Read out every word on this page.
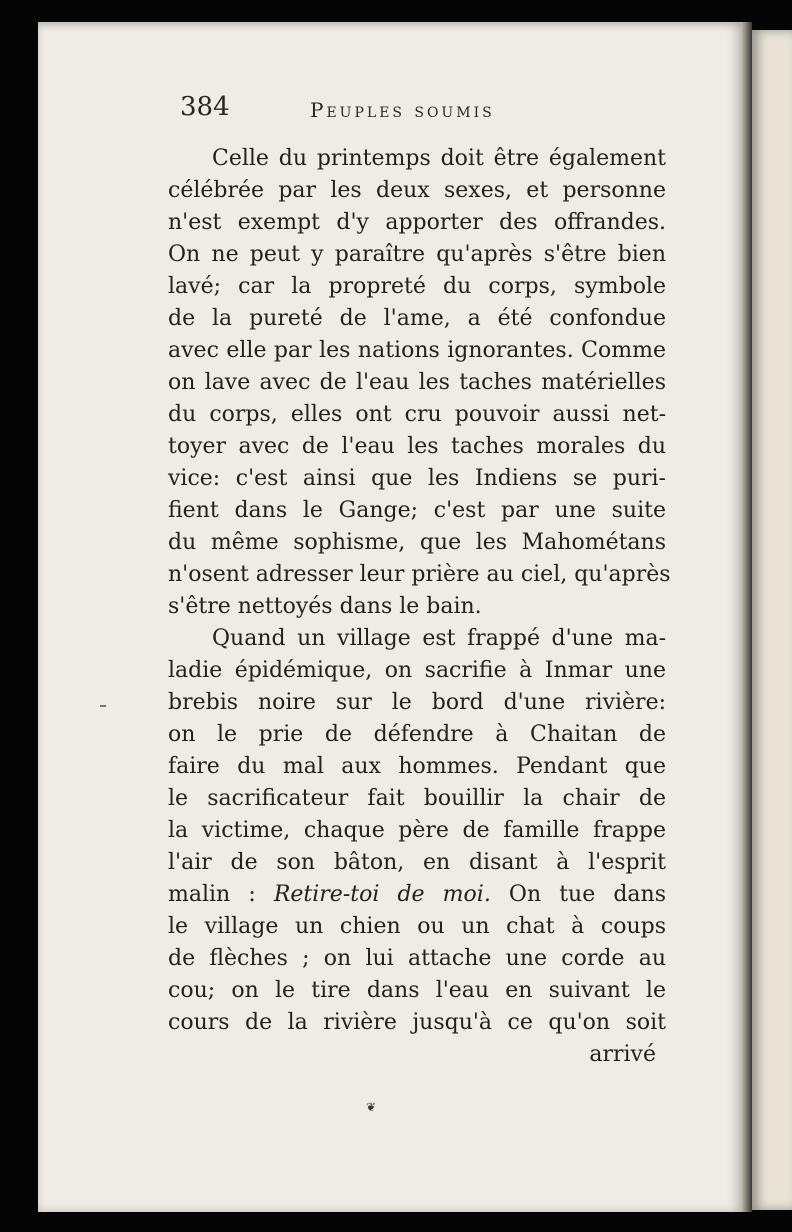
384	Peuples soumis
Celle du printemps doit être également
célébrée par les deux sexes, et personne
n'est exempt d'y apporter des offrandes.
On ne peut y paraître qu'après s'être bien
lavé; car la propreté du corps, symbole
de la pureté de l'ame, a été confondue
avec elle par les nations ignorantes. Comme
on lave avec de l'eau les taches matérielles
du corps, elles ont cru pouvoir aussi net-
toyer avec de l'eau les taches morales du
vice: c'est ainsi que les Indiens se puri-
fient dans le Gange; c'est par une suite
du même sophisme, que les Mahométans
n'osent adresser leur prière au ciel, qu'après
s'être nettoyés dans le bain.
Quand un village est frappé d'une ma-
ladie épidémique, on sacrifie à Inmar une
brebis noire sur le bord d'une rivière:
on le prie de défendre à Chaitan de
faire du mal aux hommes. Pendant que
le sacrificateur fait bouillir la chair de
la victime, chaque père de famille frappe
l'air de son bâton, en disant à l'esprit
malin : Retire-toi de moi. On tue dans
le village un chien ou un chat à coups
de flèches ; on lui attache une corde au
cou; on le tire dans l'eau en suivant le
cours de la rivière jusqu'à ce qu'on soit
arrivé
❦
